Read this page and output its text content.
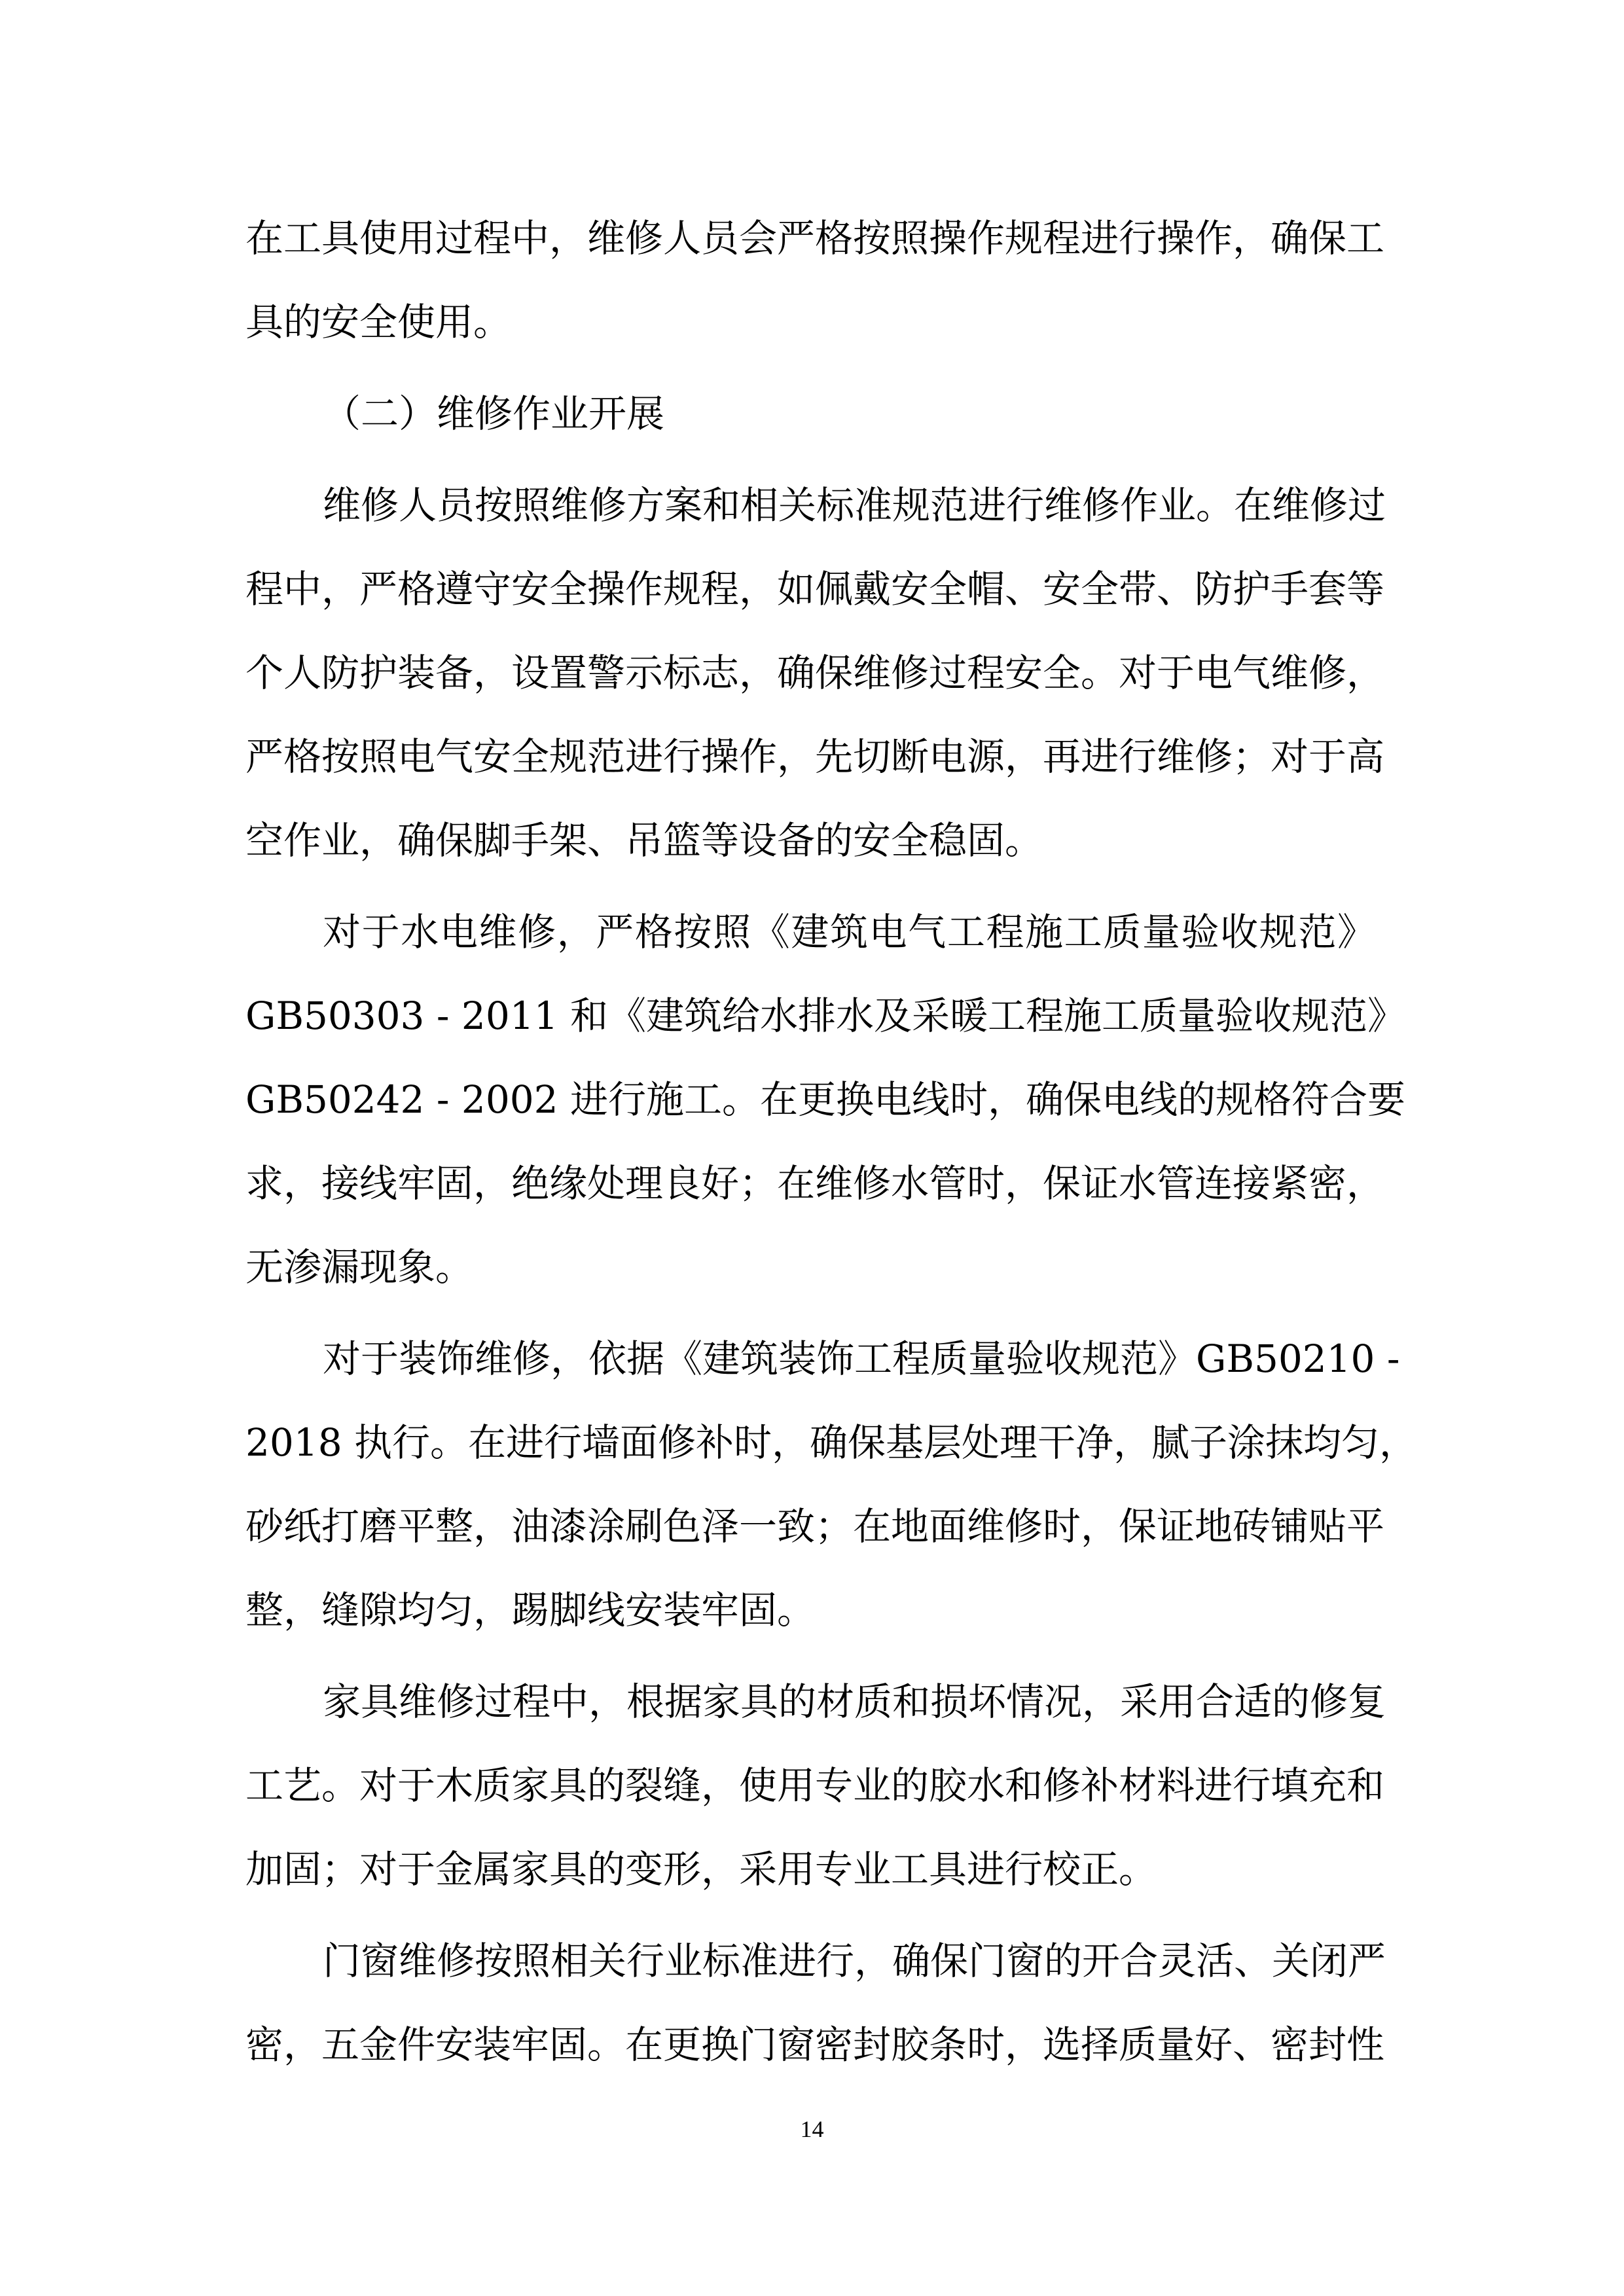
在工具使用过程中，维修人员会严格按照操作规程进行操作，确保工
具的安全使用。
（二）维修作业开展
维修人员按照维修方案和相关标准规范进行维修作业。在维修过
程中，严格遵守安全操作规程，如佩戴安全帽、安全带、防护手套等
个人防护装备，设置警示标志，确保维修过程安全。对于电气维修，
严格按照电气安全规范进行操作，先切断电源，再进行维修；对于高
空作业，确保脚手架、吊篮等设备的安全稳固。
对于水电维修，严格按照《建筑电气工程施工质量验收规范》
GB50303 - 2011 和《建筑给水排水及采暖工程施工质量验收规范》
GB50242 - 2002 进行施工。在更换电线时，确保电线的规格符合要
求，接线牢固，绝缘处理良好；在维修水管时，保证水管连接紧密，
无渗漏现象。
对于装饰维修，依据《建筑装饰工程质量验收规范》GB50210 -
2018 执行。在进行墙面修补时，确保基层处理干净，腻子涂抹均匀，
砂纸打磨平整，油漆涂刷色泽一致；在地面维修时，保证地砖铺贴平
整，缝隙均匀，踢脚线安装牢固。
家具维修过程中，根据家具的材质和损坏情况，采用合适的修复
工艺。对于木质家具的裂缝，使用专业的胶水和修补材料进行填充和
加固；对于金属家具的变形，采用专业工具进行校正。
门窗维修按照相关行业标准进行，确保门窗的开合灵活、关闭严
密，五金件安装牢固。在更换门窗密封胶条时，选择质量好、密封性
14
